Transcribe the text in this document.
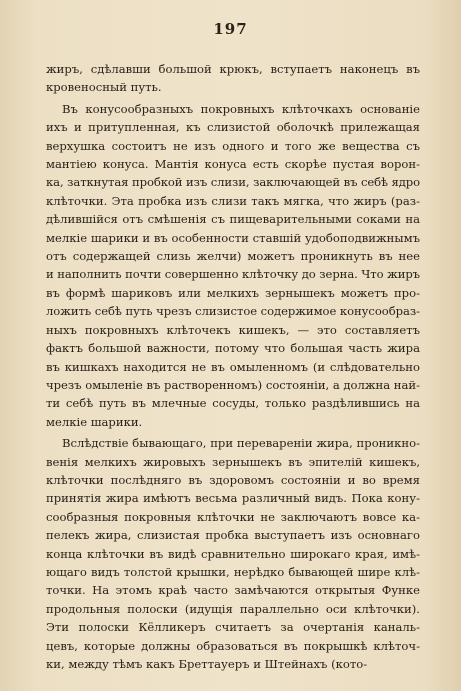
197
жиръ, сдѣлавши большой крюкъ, вступаетъ наконецъ въ
кровеносный путь.
Въ конусообразныхъ покровныхъ клѣточкахъ основаніе
ихъ и притупленная, къ слизистой оболочкѣ прилежащая
верхушка состоитъ не изъ одного и того же вещества съ
мантіею конуса. Мантія конуса есть скорѣе пустая ворон-
ка, заткнутая пробкой изъ слизи, заключающей въ себѣ ядро
клѣточки. Эта пробка изъ слизи такъ мягка, что жиръ (раз-
дѣлившійся отъ смѣшенія съ пищеварительными соками на
мелкіе шарики и въ особенности ставшій удобоподвижнымъ
отъ содержащей слизь желчи) можетъ проникнуть въ нее
и наполнить почти совершенно клѣточку до зерна. Что жиръ
въ формѣ шариковъ или мелкихъ зернышекъ можетъ про-
ложить себѣ путь чрезъ слизистое содержимое конусообраз-
ныхъ покровныхъ клѣточекъ кишекъ, — это составляетъ
фактъ большой важности, потому что большая часть жира
въ кишкахъ находится не въ омыленномъ (и слѣдовательно
чрезъ омыленіе въ растворенномъ) состояніи, а должна най-
ти себѣ путь въ млечные сосуды, только раздѣлившись на
мелкіе шарики.
Вслѣдствіе бывающаго, при перевареніи жира, проникно-
венія мелкихъ жировыхъ зернышекъ въ эпителій кишекъ,
клѣточки послѣдняго въ здоровомъ состояніи и во время
принятія жира имѣютъ весьма различный видъ. Пока кону-
сообразныя покровныя клѣточки не заключаютъ вовсе ка-
пелекъ жира, слизистая пробка выступаетъ изъ основнаго
конца клѣточки въ видѣ сравнительно широкаго края, имѣ-
ющаго видъ толстой крышки, нерѣдко бывающей шире клѣ-
точки. На этомъ краѣ часто замѣчаются открытыя Функе
продольныя полоски (идущія параллельно оси клѣточки).
Эти полоски Кёлликеръ считаетъ за очертанія каналь-
цевъ, которые должны образоваться въ покрышкѣ клѣточ-
ки, между тѣмъ какъ Бреттауеръ и Штейнахъ (кото-
